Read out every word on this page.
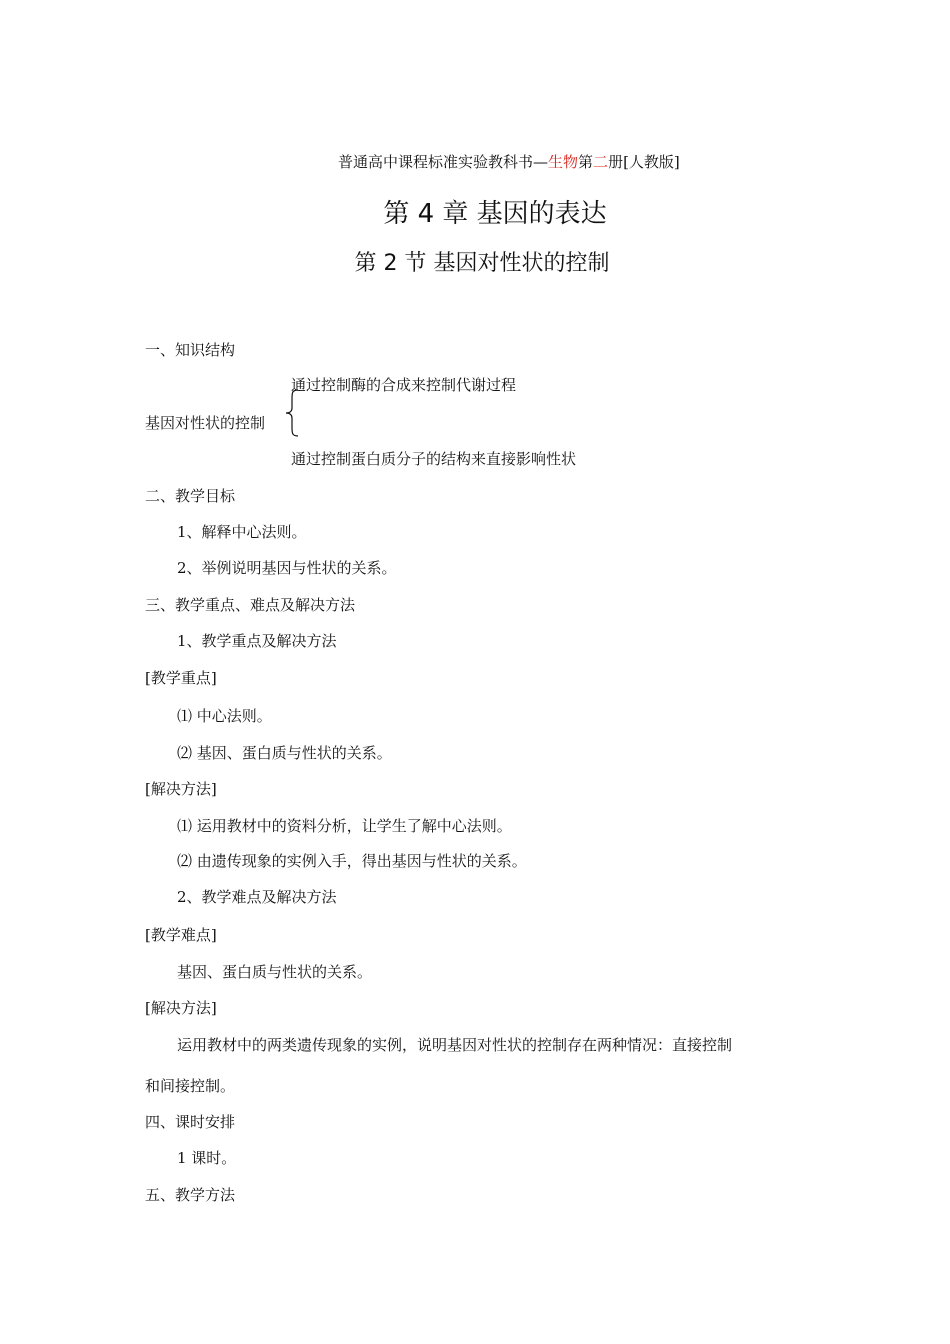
普通高中课程标准实验教科书—生物第二册[人教版]
第 4 章 基因的表达
第 2 节 基因对性状的控制
一、知识结构
通过控制酶的合成来控制代谢过程
基因对性状的控制
通过控制蛋白质分子的结构来直接影响性状
二、教学目标
1、解释中心法则。
2、举例说明基因与性状的关系。
三、教学重点、难点及解决方法
1、教学重点及解决方法
[教学重点]
⑴ 中心法则。
⑵ 基因、蛋白质与性状的关系。
[解决方法]
⑴ 运用教材中的资料分析，让学生了解中心法则。
⑵ 由遗传现象的实例入手，得出基因与性状的关系。
2、教学难点及解决方法
[教学难点]
基因、蛋白质与性状的关系。
[解决方法]
运用教材中的两类遗传现象的实例，说明基因对性状的控制存在两种情况：直接控制
和间接控制。
四、课时安排
1 课时。
五、教学方法
